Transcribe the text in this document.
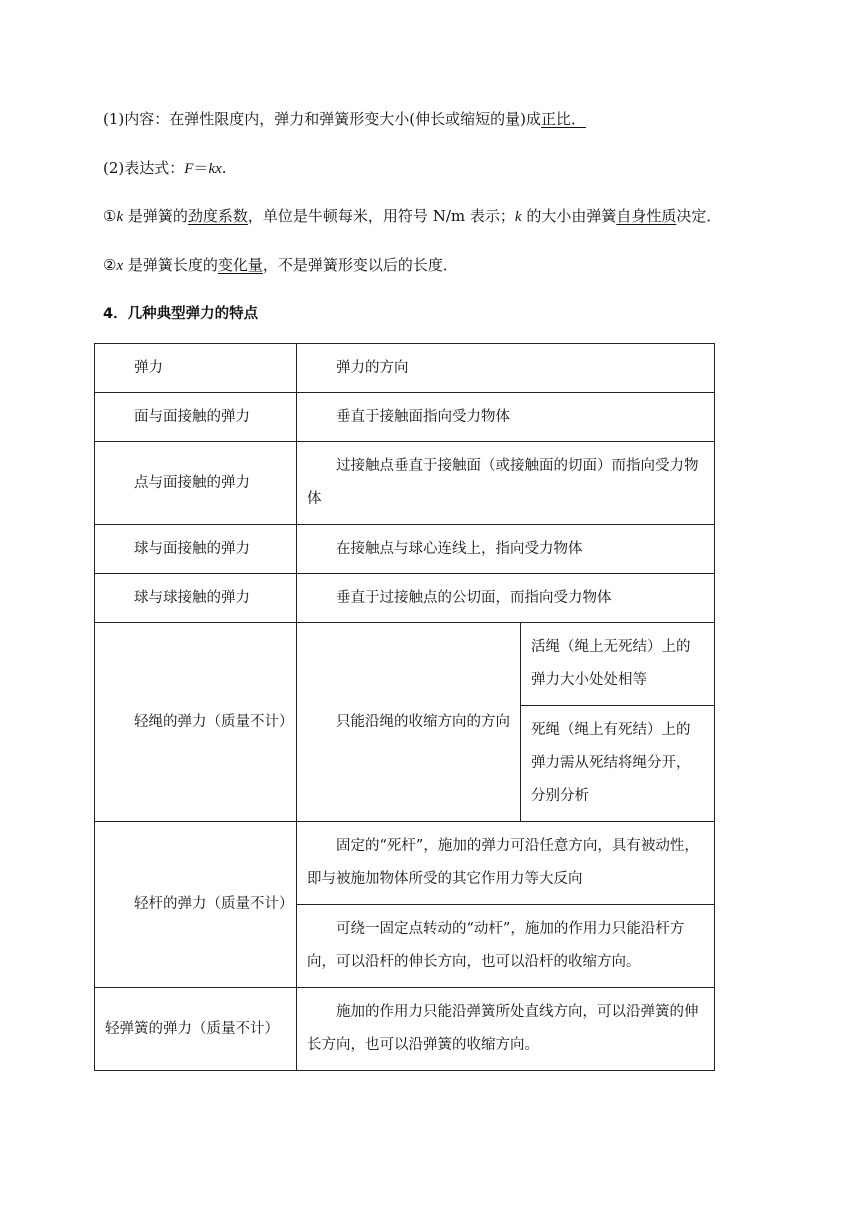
(1)内容：在弹性限度内，弹力和弹簧形变大小(伸长或缩短的量)成正比．
(2)表达式：F＝kx.
①k 是弹簧的劲度系数，单位是牛顿每米，用符号 N/m 表示；k 的大小由弹簧自身性质决定．
②x 是弹簧长度的变化量，不是弹簧形变以后的长度．
4．几种典型弹力的特点
弹力	弹力的方向	
面与面接触的弹力	垂直于接触面指向受力物体	
点与面接触的弹力	过接触点垂直于接触面（或接触面的切面）而指向受力物体	
球与面接触的弹力	在接触点与球心连线上，指向受力物体	
球与球接触的弹力	垂直于过接触点的公切面，而指向受力物体	
轻绳的弹力（质量不计）	只能沿绳的收缩方向的方向	活绳（绳上无死结）上的弹力大小处处相等
		死绳（绳上有死结）上的弹力需从死结将绳分开，分别分析
轻杆的弹力（质量不计）	固定的“死杆”，施加的弹力可沿任意方向，具有被动性，即与被施加物体所受的其它作用力等大反向	
	可绕一固定点转动的“动杆”，施加的作用力只能沿杆方向，可以沿杆的伸长方向，也可以沿杆的收缩方向。	
轻弹簧的弹力（质量不计）	施加的作用力只能沿弹簧所处直线方向，可以沿弹簧的伸长方向，也可以沿弹簧的收缩方向。	
